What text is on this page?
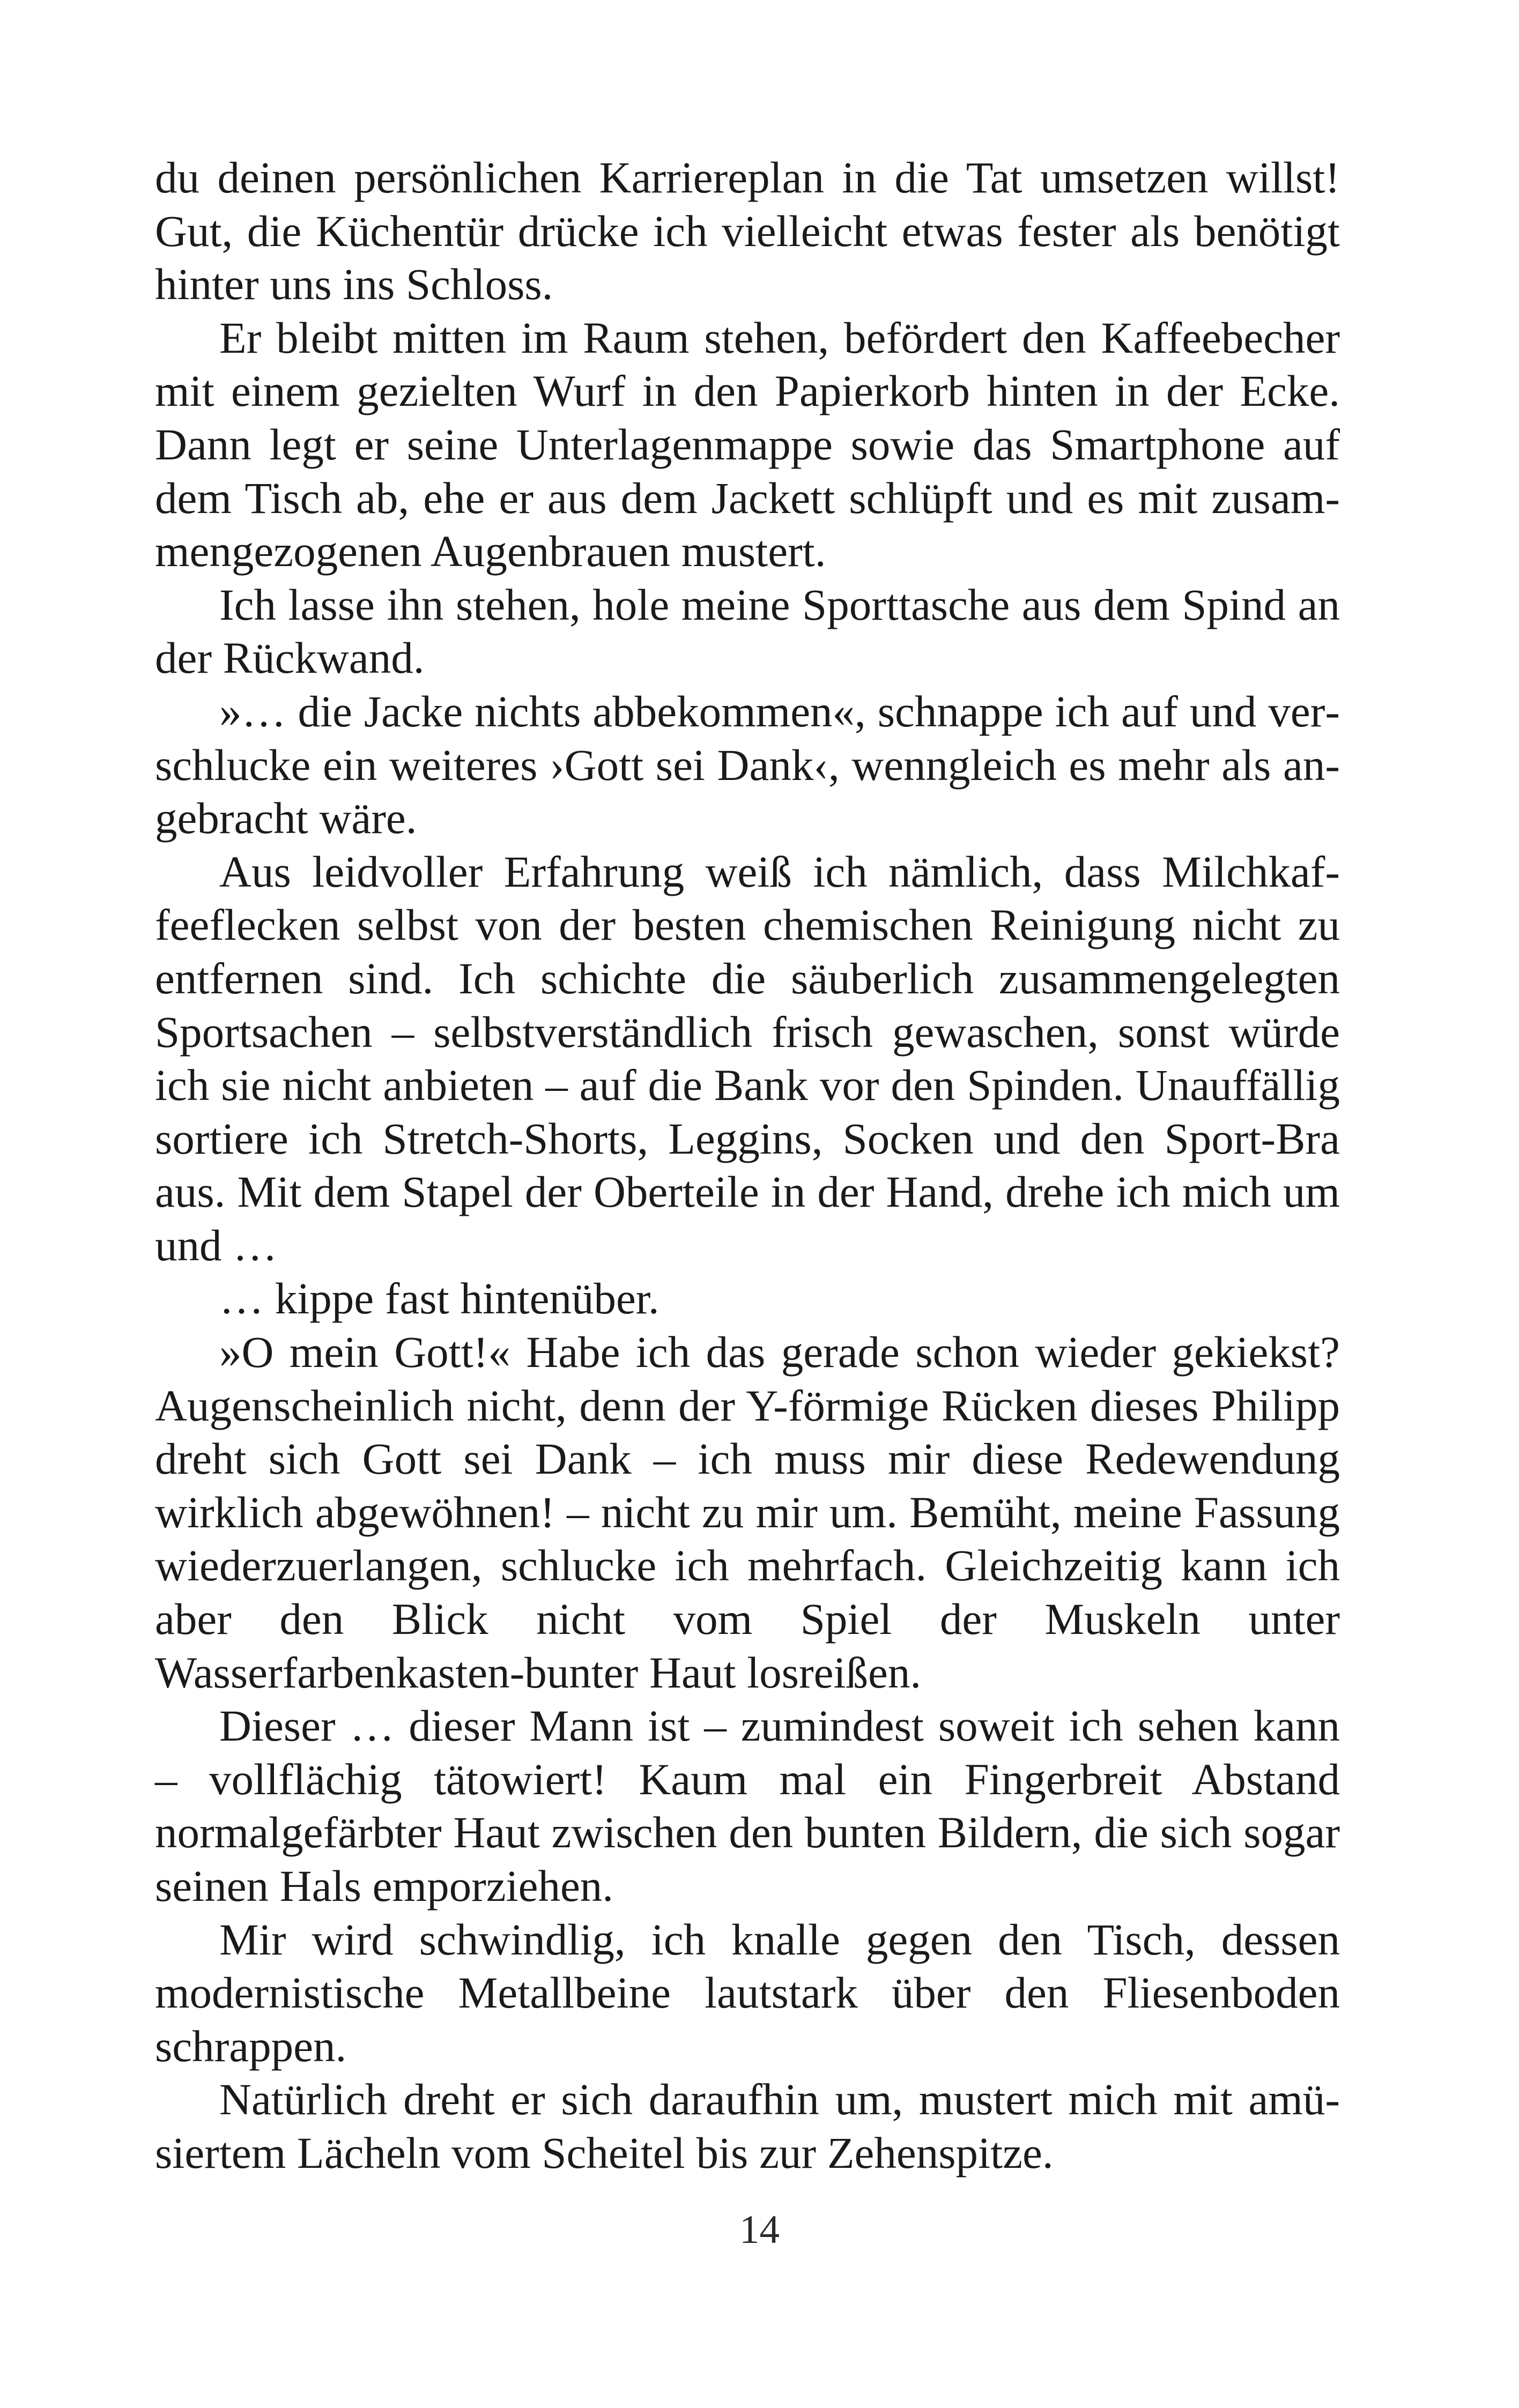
du deinen persönlichen Karriereplan in die Tat umsetzen willst! Gut, die Küchentür drücke ich vielleicht etwas fester als benötigt hinter uns ins Schloss.

Er bleibt mitten im Raum stehen, befördert den Kaffeebecher mit einem gezielten Wurf in den Papierkorb hinten in der Ecke. Dann legt er seine Unterlagenmappe sowie das Smartphone auf dem Tisch ab, ehe er aus dem Jackett schlüpft und es mit zusammengezogenen Augenbrauen mustert.

Ich lasse ihn stehen, hole meine Sporttasche aus dem Spind an der Rückwand.

»… die Jacke nichts abbekommen«, schnappe ich auf und verschlucke ein weiteres ›Gott sei Dank‹, wenngleich es mehr als angebracht wäre.

Aus leidvoller Erfahrung weiß ich nämlich, dass Milchkaffeeflecken selbst von der besten chemischen Reinigung nicht zu entfernen sind. Ich schichte die säuberlich zusammengelegten Sportsachen – selbstverständlich frisch gewaschen, sonst würde ich sie nicht anbieten – auf die Bank vor den Spinden. Unauffällig sortiere ich Stretch-Shorts, Leggins, Socken und den Sport-Bra aus. Mit dem Stapel der Oberteile in der Hand, drehe ich mich um und …

… kippe fast hintenüber.

»O mein Gott!« Habe ich das gerade schon wieder gekiekst? Augenscheinlich nicht, denn der Y-förmige Rücken dieses Philipp dreht sich Gott sei Dank – ich muss mir diese Redewendung wirklich abgewöhnen! – nicht zu mir um. Bemüht, meine Fassung wiederzuerlangen, schlucke ich mehrfach. Gleichzeitig kann ich aber den Blick nicht vom Spiel der Muskeln unter Wasserfarbenkasten-bunter Haut losreißen.

Dieser … dieser Mann ist – zumindest soweit ich sehen kann – vollflächig tätowiert! Kaum mal ein Fingerbreit Abstand normalgefärbter Haut zwischen den bunten Bildern, die sich sogar seinen Hals emporziehen.

Mir wird schwindlig, ich knalle gegen den Tisch, dessen modernistische Metallbeine lautstark über den Fliesenboden schrappen.

Natürlich dreht er sich daraufhin um, mustert mich mit amüsiertem Lächeln vom Scheitel bis zur Zehenspitze.

14
